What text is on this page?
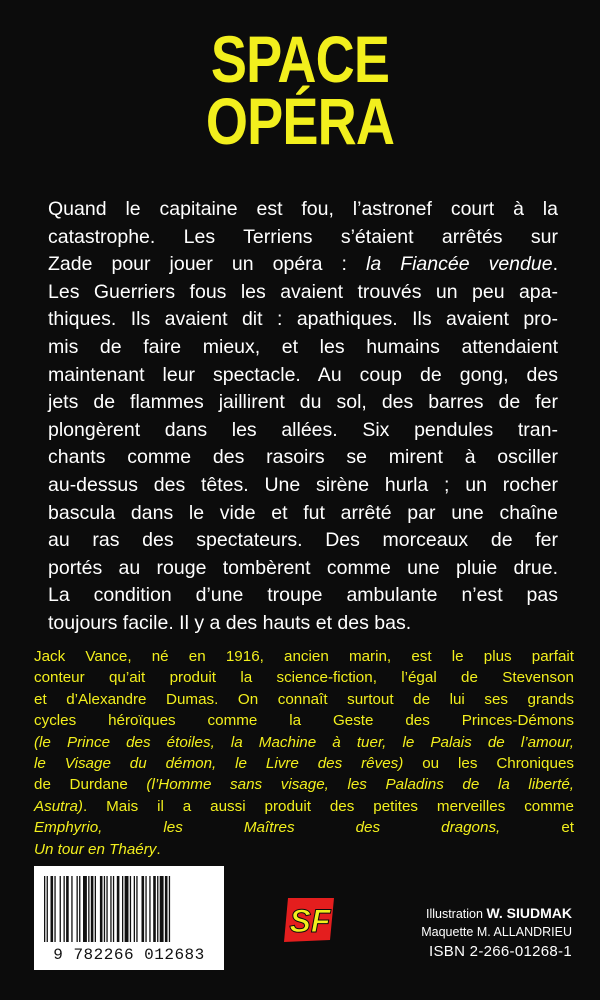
SPACE
OPÉRA
Quand le capitaine est fou, l’astronef court à la
catastrophe. Les Terriens s’étaient arrêtés sur
Zade pour jouer un opéra : la Fiancée vendue.
Les Guerriers fous les avaient trouvés un peu apa-
thiques. Ils avaient dit : apathiques. Ils avaient pro-
mis de faire mieux, et les humains attendaient
maintenant leur spectacle. Au coup de gong, des
jets de flammes jaillirent du sol, des barres de fer
plongèrent dans les allées. Six pendules tran-
chants comme des rasoirs se mirent à osciller
au-dessus des têtes. Une sirène hurla ; un rocher
bascula dans le vide et fut arrêté par une chaîne
au ras des spectateurs. Des morceaux de fer
portés au rouge tombèrent comme une pluie drue.
La condition d’une troupe ambulante n’est pas
toujours facile. Il y a des hauts et des bas.
Jack Vance, né en 1916, ancien marin, est le plus parfait
conteur qu’ait produit la science-fiction, l’égal de Stevenson
et d’Alexandre Dumas. On connaît surtout de lui ses grands
cycles héroïques comme la Geste des Princes-Démons
(le Prince des étoiles, la Machine à tuer, le Palais de l’amour,
le Visage du démon, le Livre des rêves) ou les Chroniques
de Durdane (l’Homme sans visage, les Paladins de la liberté,
Asutra). Mais il a aussi produit des petites merveilles comme
Emphyrio, les Maîtres des dragons, et
Un tour en Thaéry.
9 782266 012683
SF	Illustration W. SIUDMAK
Maquette M. ALLANDRIEU
ISBN 2-266-01268-1
